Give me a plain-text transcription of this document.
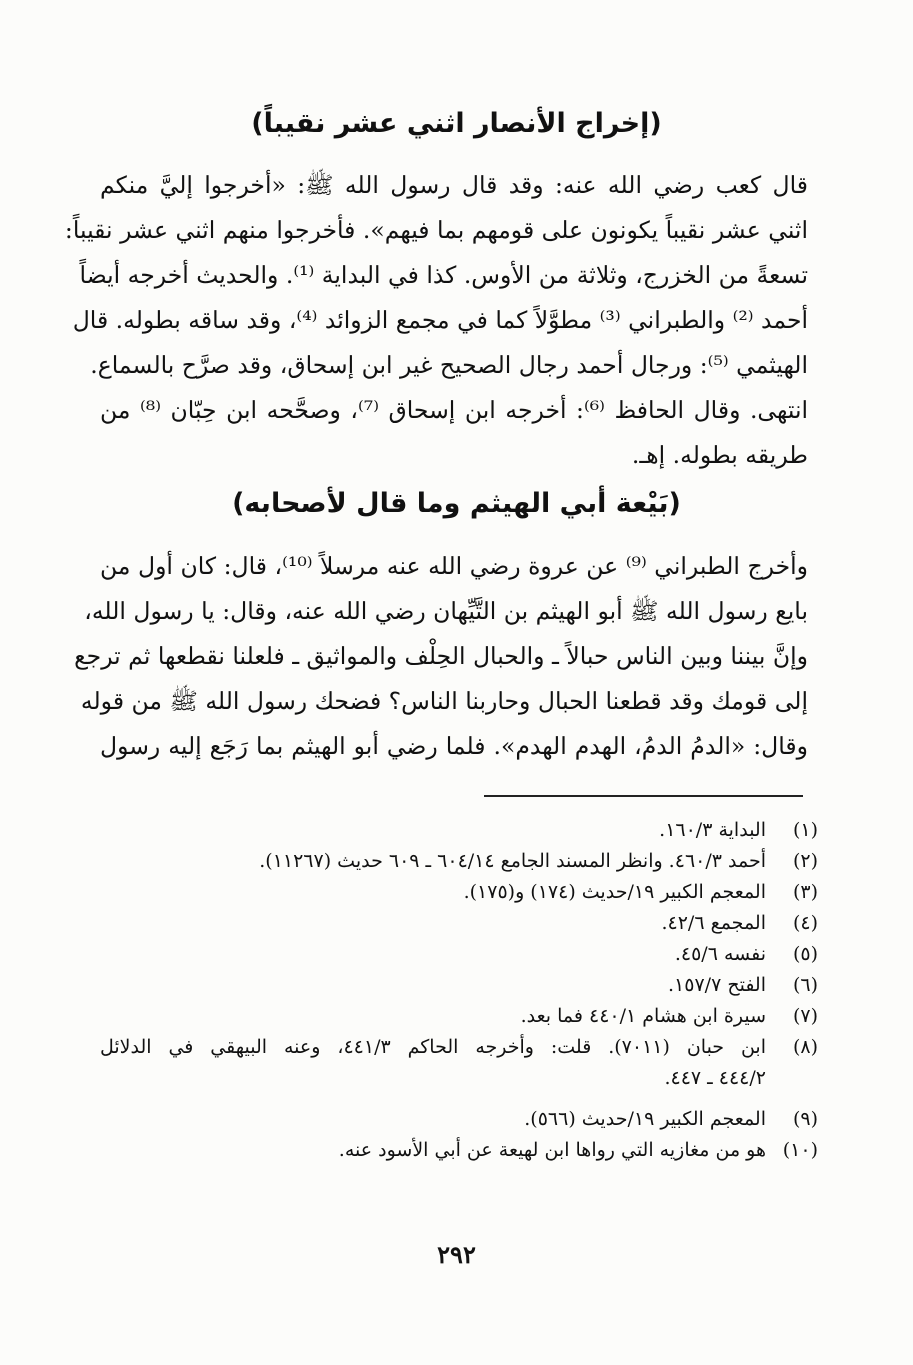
(إخراج الأنصار اثني عشر نقيباً)
قال كعب رضي الله عنه: وقد قال رسول الله ﷺ: «أخرجوا إليَّ منكم
اثني عشر نقيباً يكونون على قومهم بما فيهم». فأخرجوا منهم اثني عشر نقيباً:
تسعةً من الخزرج، وثلاثة من الأوس. كذا في البداية ⁽¹⁾. والحديث أخرجه أيضاً
أحمد ⁽²⁾ والطبراني ⁽³⁾ مطوَّلاً كما في مجمع الزوائد ⁽⁴⁾، وقد ساقه بطوله. قال
الهيثمي ⁽⁵⁾: ورجال أحمد رجال الصحيح غير ابن إسحاق، وقد صرَّح بالسماع.
انتهى. وقال الحافظ ⁽⁶⁾: أخرجه ابن إسحاق ⁽⁷⁾، وصحَّحه ابن حِبّان ⁽⁸⁾ من
طريقه بطوله. إهـ.
(بَيْعة أبي الهيثم وما قال لأصحابه)
وأخرج الطبراني ⁽⁹⁾ عن عروة رضي الله عنه مرسلاً ⁽¹⁰⁾، قال: كان أول من
بايع رسول الله ﷺ أبو الهيثم بن التَّيِّهان رضي الله عنه، وقال: يا رسول الله،
وإنَّ بيننا وبين الناس حبالاً ـ والحبال الحِلْف والمواثيق ـ فلعلنا نقطعها ثم ترجع
إلى قومك وقد قطعنا الحبال وحاربنا الناس؟ فضحك رسول الله ﷺ من قوله
وقال: «الدمُ الدمُ، الهدم الهدم». فلما رضي أبو الهيثم بما رَجَع إليه رسول
(١)
البداية ١٦٠/٣.
(٢)
أحمد ٤٦٠/٣. وانظر المسند الجامع ٦٠٤/١٤ ـ ٦٠٩ حديث (١١٢٦٧).
(٣)
المعجم الكبير ١٩/حديث (١٧٤) و(١٧٥).
(٤)
المجمع ٤٢/٦.
(٥)
نفسه ٤٥/٦.
(٦)
الفتح ١٥٧/٧.
(٧)
سيرة ابن هشام ٤٤٠/١ فما بعد.
(٨)
ابن حبان (٧٠١١). قلت: وأخرجه الحاكم ٤٤١/٣، وعنه البيهقي في الدلائل
٤٤٤/٢ ـ ٤٤٧.
(٩)
المعجم الكبير ١٩/حديث (٥٦٦).
(١٠)
هو من مغازيه التي رواها ابن لهيعة عن أبي الأسود عنه.
٢٩٢
